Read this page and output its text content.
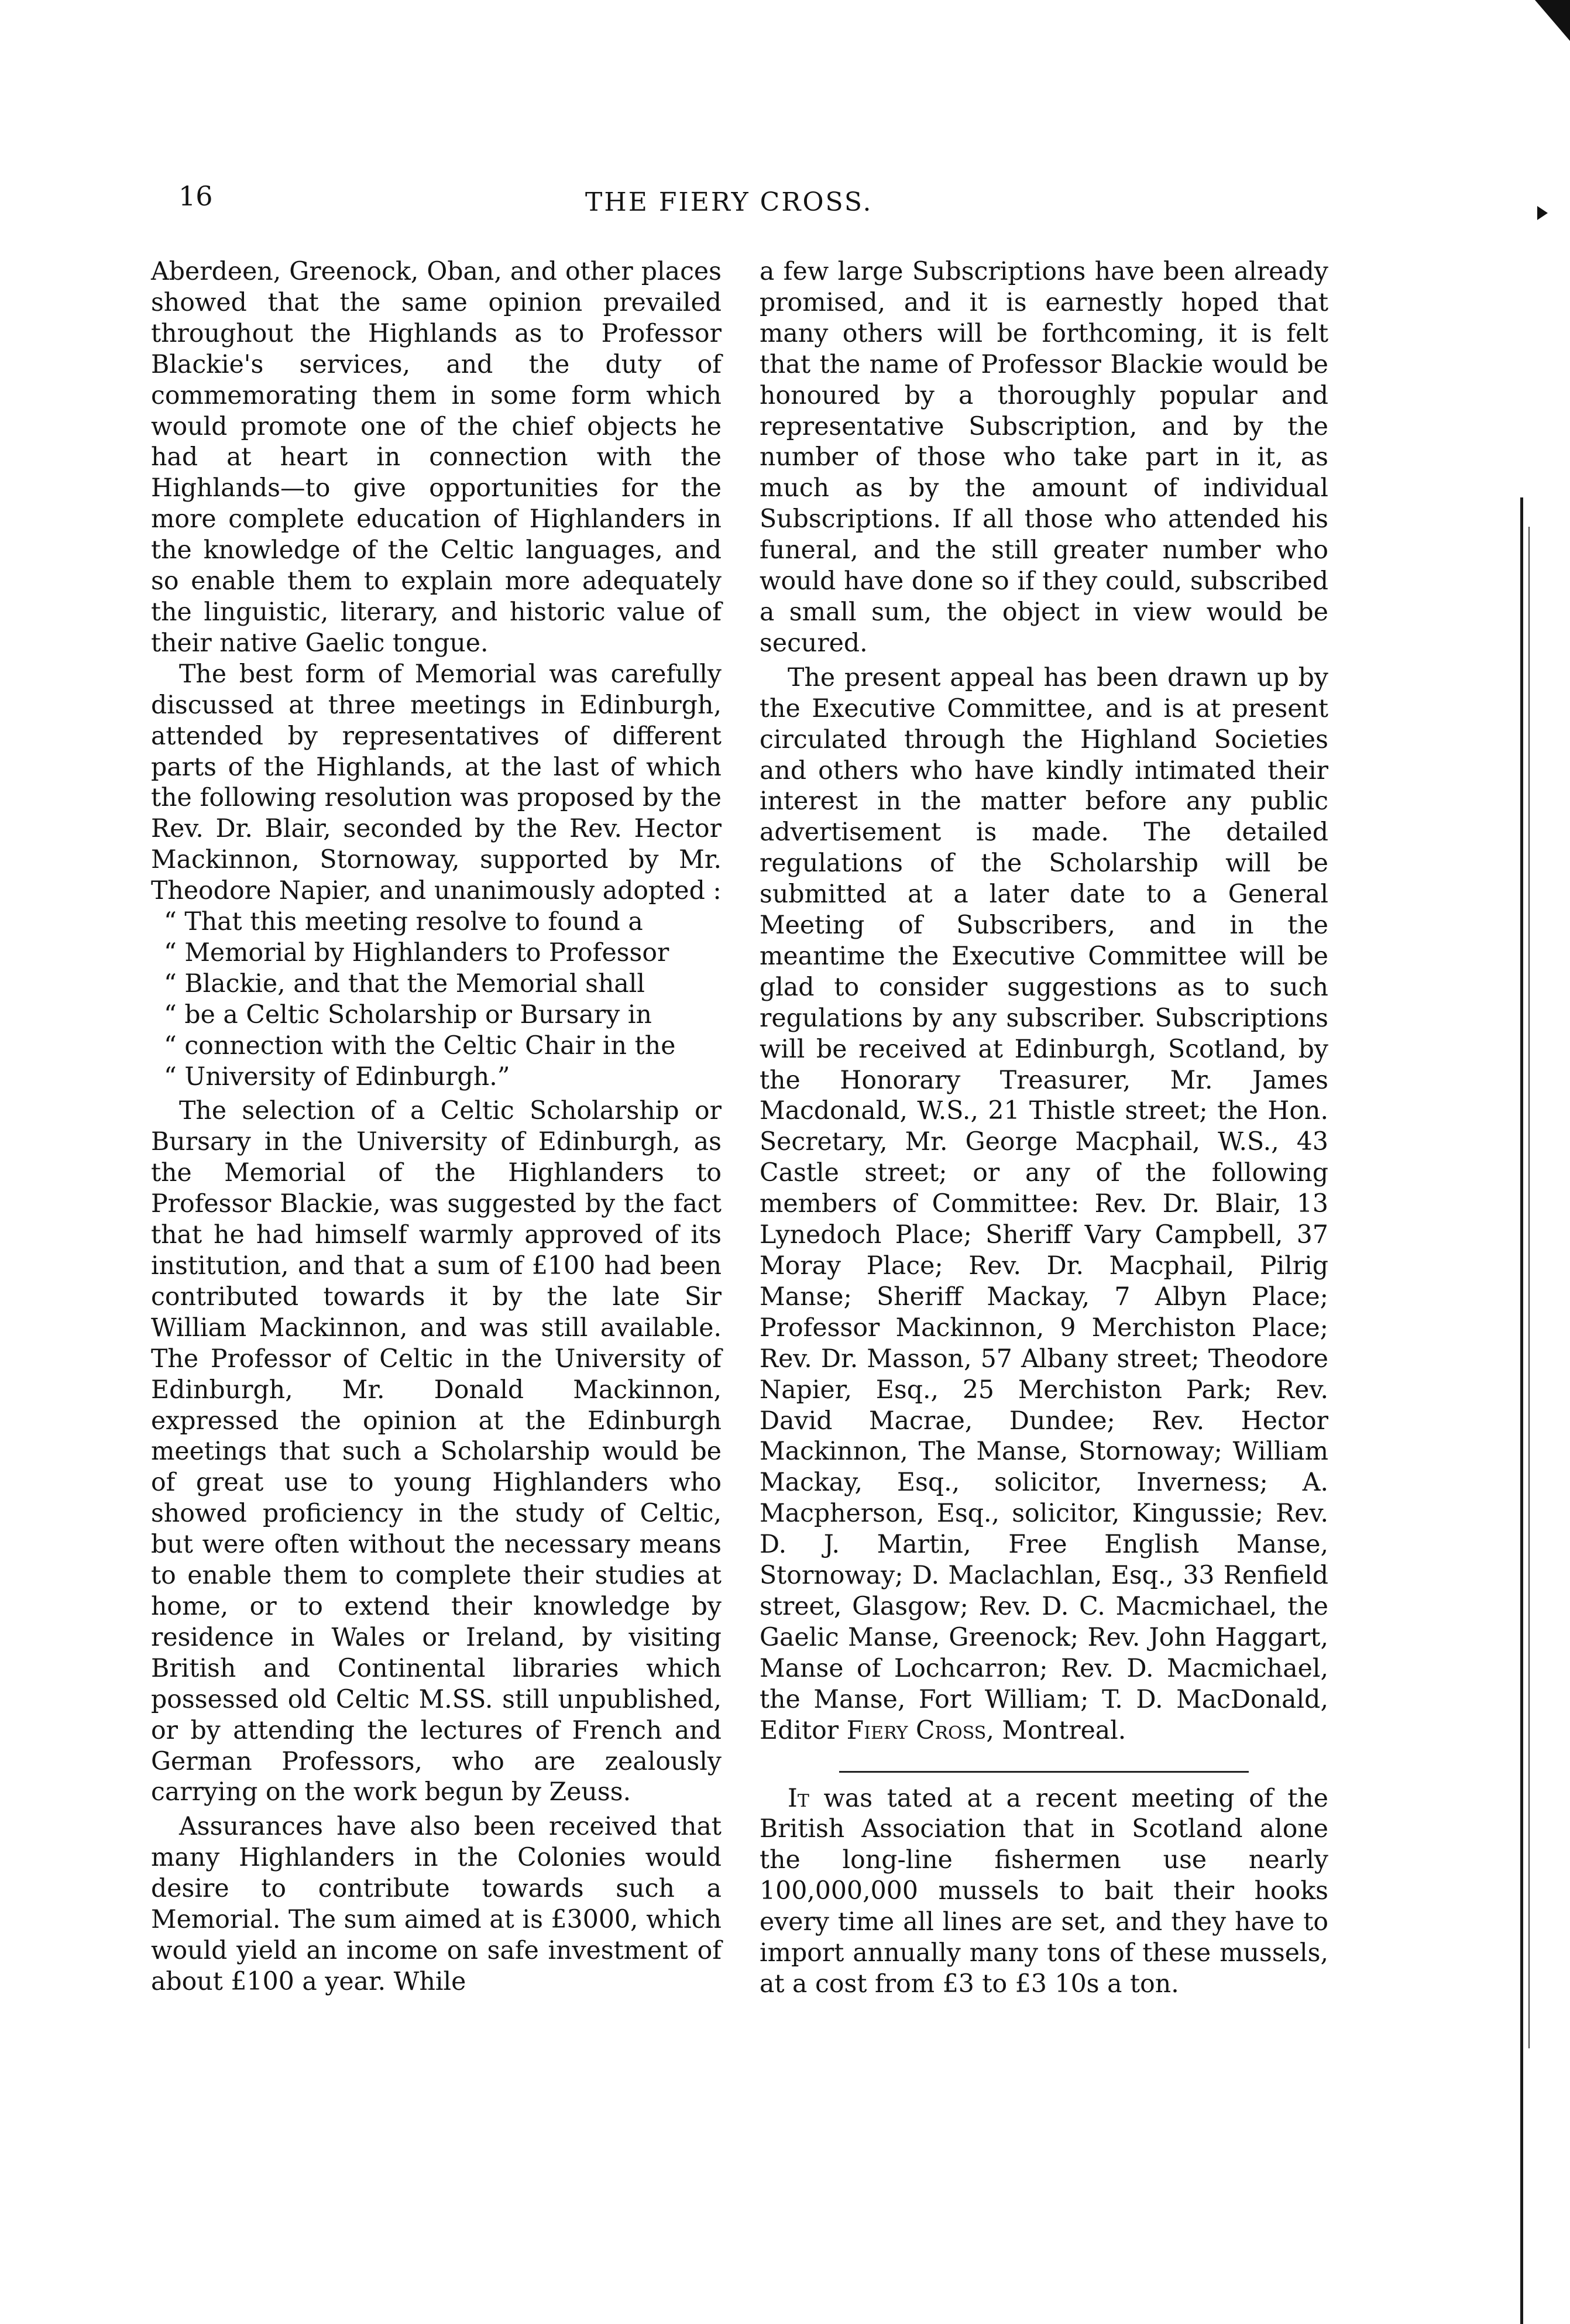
16	THE FIERY CROSS.

Aberdeen, Greenock, Oban, and other places showed that the same opinion prevailed throughout the Highlands as to Professor Blackie's services, and the duty of commemorating them in some form which would promote one of the chief objects he had at heart in connection with the Highlands—to give opportunities for the more complete education of Highlanders in the knowledge of the Celtic languages, and so enable them to explain more adequately the linguistic, literary, and historic value of their native Gaelic tongue.

The best form of Memorial was carefully discussed at three meetings in Edinburgh, attended by representatives of different parts of the Highlands, at the last of which the following resolution was proposed by the Rev. Dr. Blair, seconded by the Rev. Hector Mackinnon, Stornoway, supported by Mr. Theodore Napier, and unanimously adopted :

“ That this meeting resolve to found a
“ Memorial by Highlanders to Professor
“ Blackie, and that the Memorial shall
“ be a Celtic Scholarship or Bursary in
“ connection with the Celtic Chair in the
“ University of Edinburgh.”

The selection of a Celtic Scholarship or Bursary in the University of Edinburgh, as the Memorial of the Highlanders to Professor Blackie, was suggested by the fact that he had himself warmly approved of its institution, and that a sum of £100 had been contributed towards it by the late Sir William Mackinnon, and was still available. The Professor of Celtic in the University of Edinburgh, Mr. Donald Mackinnon, expressed the opinion at the Edinburgh meetings that such a Scholarship would be of great use to young Highlanders who showed proficiency in the study of Celtic, but were often without the necessary means to enable them to complete their studies at home, or to extend their knowledge by residence in Wales or Ireland, by visiting British and Continental libraries which possessed old Celtic M.SS. still unpublished, or by attending the lectures of French and German Professors, who are zealously carrying on the work begun by Zeuss.

Assurances have also been received that many Highlanders in the Colonies would desire to contribute towards such a Memorial. The sum aimed at is £3000, which would yield an income on safe investment of about £100 a year. While

a few large Subscriptions have been already promised, and it is earnestly hoped that many others will be forthcoming, it is felt that the name of Professor Blackie would be honoured by a thoroughly popular and representative Subscription, and by the number of those who take part in it, as much as by the amount of individual Subscriptions. If all those who attended his funeral, and the still greater number who would have done so if they could, subscribed a small sum, the object in view would be secured.

The present appeal has been drawn up by the Executive Committee, and is at present circulated through the Highland Societies and others who have kindly intimated their interest in the matter before any public advertisement is made. The detailed regulations of the Scholarship will be submitted at a later date to a General Meeting of Subscribers, and in the meantime the Executive Committee will be glad to consider suggestions as to such regulations by any subscriber. Subscriptions will be received at Edinburgh, Scotland, by the Honorary Treasurer, Mr. James Macdonald, W.S., 21 Thistle street; the Hon. Secretary, Mr. George Macphail, W.S., 43 Castle street; or any of the following members of Committee: Rev. Dr. Blair, 13 Lynedoch Place; Sheriff Vary Campbell, 37 Moray Place; Rev. Dr. Macphail, Pilrig Manse; Sheriff Mackay, 7 Albyn Place; Professor Mackinnon, 9 Merchiston Place; Rev. Dr. Masson, 57 Albany street; Theodore Napier, Esq., 25 Merchiston Park; Rev. David Macrae, Dundee; Rev. Hector Mackinnon, The Manse, Stornoway; William Mackay, Esq., solicitor, Inverness; A. Macpherson, Esq., solicitor, Kingussie; Rev. D. J. Martin, Free English Manse, Stornoway; D. Maclachlan, Esq., 33 Renfield street, Glasgow; Rev. D. C. Macmichael, the Gaelic Manse, Greenock; Rev. John Haggart, Manse of Lochcarron; Rev. D. Macmichael, the Manse, Fort William; T. D. MacDonald, Editor Fiery Cross, Montreal.

It was tated at a recent meeting of the British Association that in Scotland alone the long-line fishermen use nearly 100,000,000 mussels to bait their hooks every time all lines are set, and they have to import annually many tons of these mussels, at a cost from £3 to £3 10s a ton.
